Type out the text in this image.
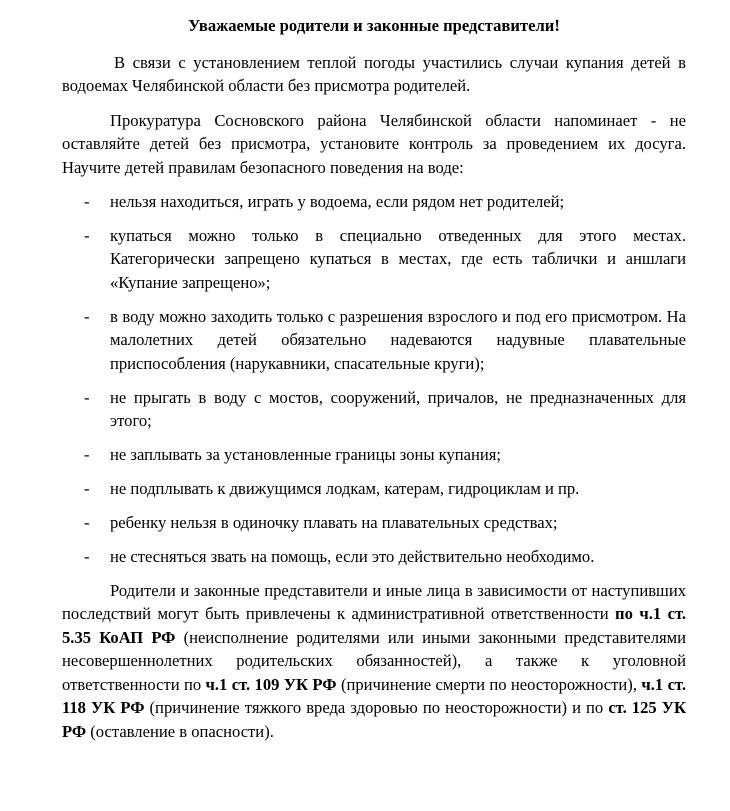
Уважаемые родители и законные представители!

В связи с установлением теплой погоды участились случаи купания детей в водоемах Челябинской области без присмотра родителей.

Прокуратура Сосновского района Челябинской области напоминает - не оставляйте детей без присмотра, установите контроль за проведением их досуга. Научите детей правилам безопасного поведения на воде:

- нельзя находиться, играть у водоема, если рядом нет родителей;
- купаться можно только в специально отведенных для этого местах. Категорически запрещено купаться в местах, где есть таблички и аншлаги «Купание запрещено»;
- в воду можно заходить только с разрешения взрослого и под его присмотром. На малолетних детей обязательно надеваются надувные плавательные приспособления (нарукавники, спасательные круги);
- не прыгать в воду с мостов, сооружений, причалов, не предназначенных для этого;
- не заплывать за установленные границы зоны купания;
- не подплывать к движущимся лодкам, катерам, гидроциклам и пр.
- ребенку нельзя в одиночку плавать на плавательных средствах;
- не стесняться звать на помощь, если это действительно необходимо.

Родители и законные представители и иные лица в зависимости от наступивших последствий могут быть привлечены к административной ответственности по ч.1 ст. 5.35 КоАП РФ (неисполнение родителями или иными законными представителями несовершеннолетних родительских обязанностей), а также к уголовной ответственности по ч.1 ст. 109 УК РФ (причинение смерти по неосторожности), ч.1 ст. 118 УК РФ (причинение тяжкого вреда здоровью по неосторожности) и по ст. 125 УК РФ (оставление в опасности).
